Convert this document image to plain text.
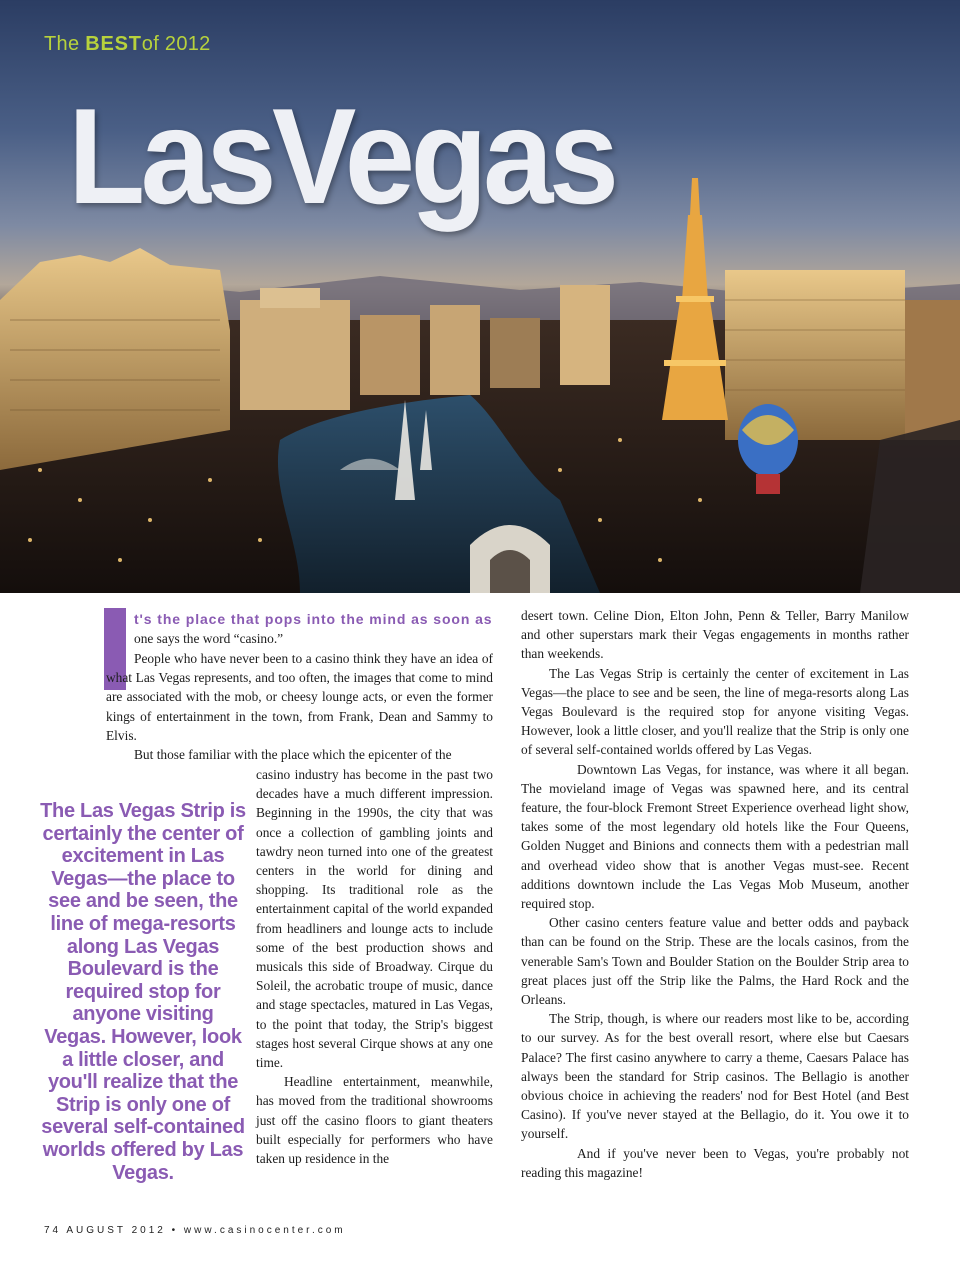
The BESTof 2012
LasVegas

t's the place that pops into the mind as soon as

one says the word “casino.”

People who have never been to a casino think they have an idea of what Las Vegas represents, and too often, the images that come to mind are associated with the mob, or cheesy lounge acts, or even the former kings of entertainment in the town, from Frank, Dean and Sammy to Elvis.

But those familiar with the place which the epicenter of the

casino industry has become in the past two decades have a much different impression. Beginning in the 1990s, the city that was once a collection of gambling joints and tawdry neon turned into one of the greatest centers in the world for dining and shopping. Its traditional role as the entertainment capital of the world expanded from headliners and lounge acts to include some of the best production shows and musicals this side of Broadway. Cirque du Soleil, the acrobatic troupe of music, dance and stage spectacles, matured in Las Vegas, to the point that today, the Strip's biggest stages host several Cirque shows at any one time.

Headline entertainment, meanwhile, has moved from the traditional showrooms just off the casino floors to giant theaters built especially for performers who have taken up residence in the

The Las Vegas Strip is certainly the center of excitement in Las Vegas—the place to see and be seen, the line of mega-resorts along Las Vegas Boulevard is the required stop for anyone visiting Vegas. However, look a little closer, and you'll realize that the Strip is only one of several self-contained worlds offered by Las Vegas.

desert town. Celine Dion, Elton John, Penn & Teller, Barry Manilow and other superstars mark their Vegas engagements in months rather than weekends.

The Las Vegas Strip is certainly the center of excitement in Las Vegas—the place to see and be seen, the line of mega-resorts along Las Vegas Boulevard is the required stop for anyone visiting Vegas. However, look a little closer, and you'll realize that the Strip is only one of several self-contained worlds offered by Las Vegas.

Downtown Las Vegas, for instance, was where it all began. The movieland image of Vegas was spawned here, and its central feature, the four-block Fremont Street Experience overhead light show, takes some of the most legendary old hotels like the Four Queens, Golden Nugget and Binions and connects them with a pedestrian mall and overhead video show that is another Vegas must-see. Recent additions downtown include the Las Vegas Mob Museum, another required stop.

Other casino centers feature value and better odds and payback than can be found on the Strip. These are the locals casinos, from the venerable Sam's Town and Boulder Station on the Boulder Strip area to great places just off the Strip like the Palms, the Hard Rock and the Orleans.

The Strip, though, is where our readers most like to be, according to our survey. As for the best overall resort, where else but Caesars Palace? The first casino anywhere to carry a theme, Caesars Palace has always been the standard for Strip casinos. The Bellagio is another obvious choice in achieving the readers' nod for Best Hotel (and Best Casino). If you've never stayed at the Bellagio, do it. You owe it to yourself.

And if you've never been to Vegas, you're probably not reading this magazine!

74 AUGUST 2012 • www.casinocenter.com
